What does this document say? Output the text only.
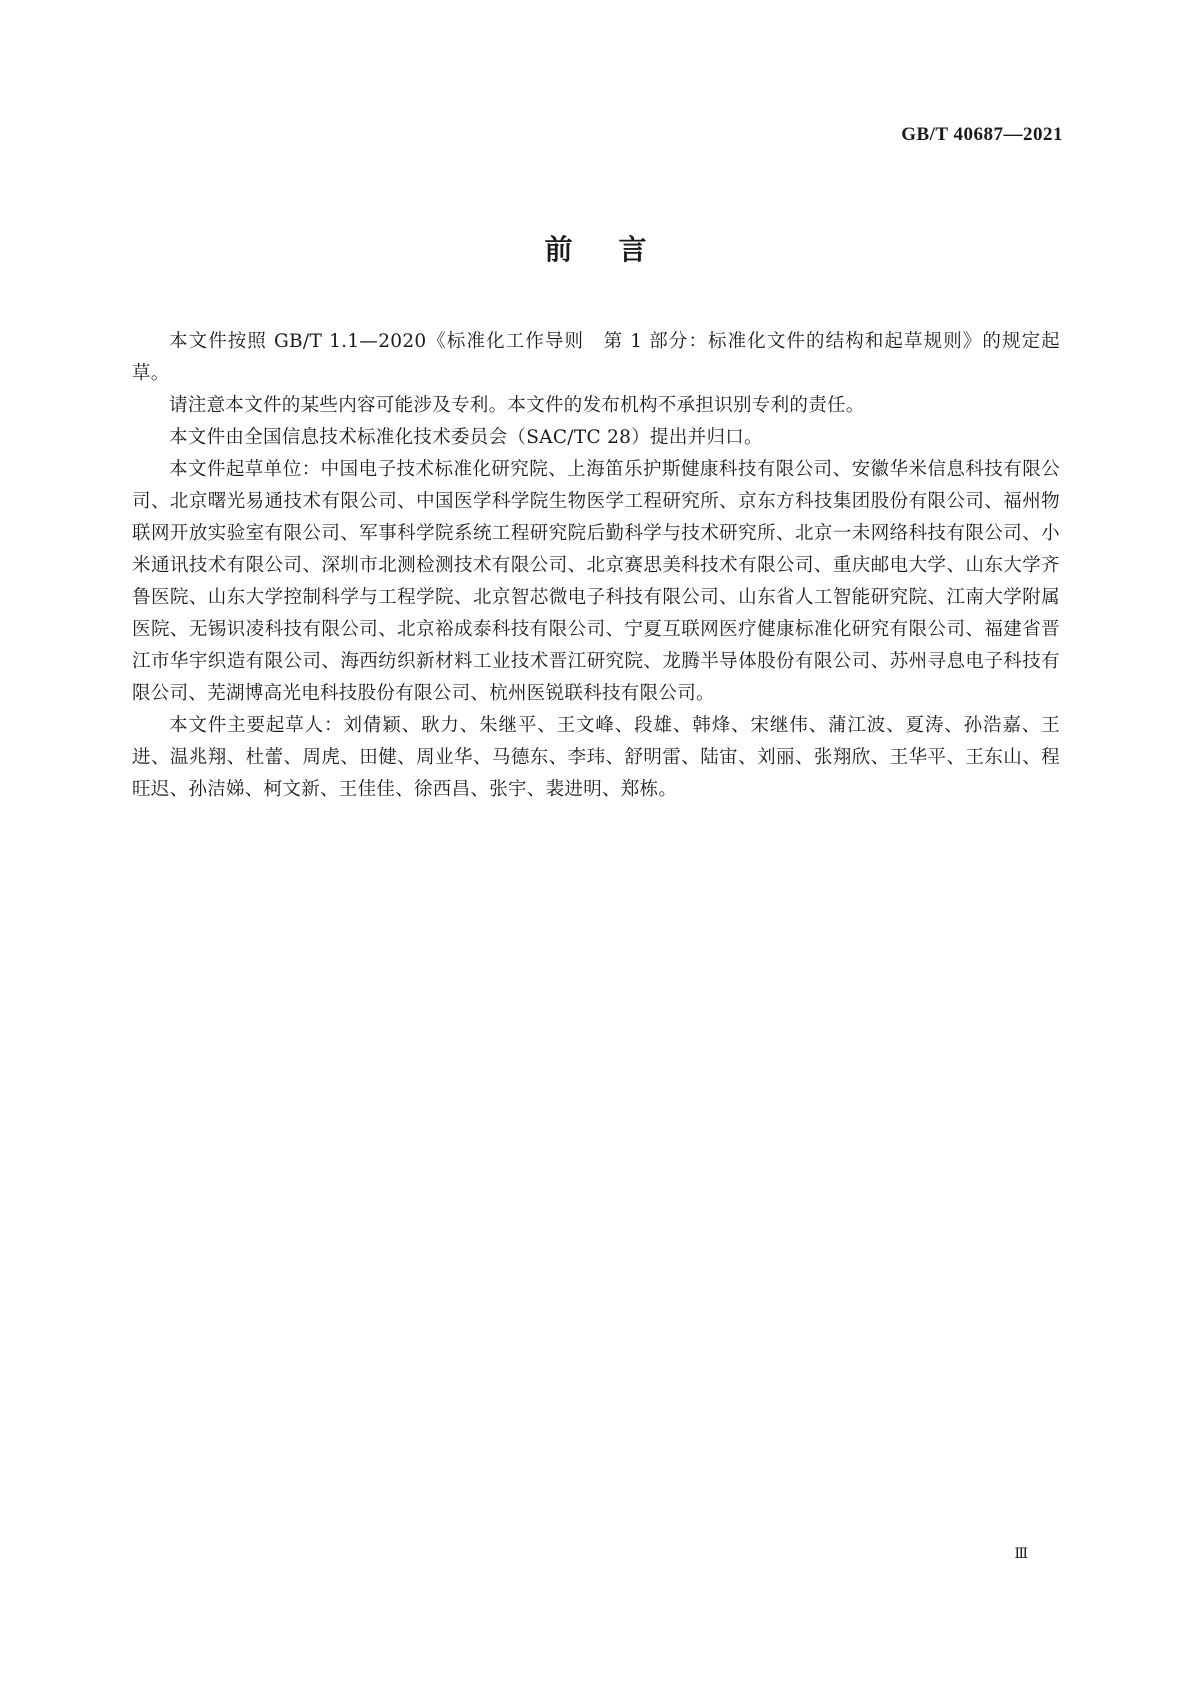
GB/T 40687—2021
前言

本文件按照 GB/T 1.1—2020《标准化工作导则　第 1 部分：标准化文件的结构和起草规则》的规定起草。

请注意本文件的某些内容可能涉及专利。本文件的发布机构不承担识别专利的责任。

本文件由全国信息技术标准化技术委员会（SAC/TC 28）提出并归口。

本文件起草单位：中国电子技术标准化研究院、上海笛乐护斯健康科技有限公司、安徽华米信息科技有限公司、北京曙光易通技术有限公司、中国医学科学院生物医学工程研究所、京东方科技集团股份有限公司、福州物联网开放实验室有限公司、军事科学院系统工程研究院后勤科学与技术研究所、北京一未网络科技有限公司、小米通讯技术有限公司、深圳市北测检测技术有限公司、北京赛思美科技术有限公司、重庆邮电大学、山东大学齐鲁医院、山东大学控制科学与工程学院、北京智芯微电子科技有限公司、山东省人工智能研究院、江南大学附属医院、无锡识凌科技有限公司、北京裕成泰科技有限公司、宁夏互联网医疗健康标准化研究有限公司、福建省晋江市华宇织造有限公司、海西纺织新材料工业技术晋江研究院、龙腾半导体股份有限公司、苏州寻息电子科技有限公司、芜湖博高光电科技股份有限公司、杭州医锐联科技有限公司。

本文件主要起草人：刘倩颖、耿力、朱继平、王文峰、段雄、韩烽、宋继伟、蒲江波、夏涛、孙浩嘉、王进、温兆翔、杜蕾、周虎、田健、周业华、马德东、李玮、舒明雷、陆宙、刘丽、张翔欣、王华平、王东山、程旺迟、孙洁娣、柯文新、王佳佳、徐西昌、张宇、裴进明、郑栋。

Ⅲ
